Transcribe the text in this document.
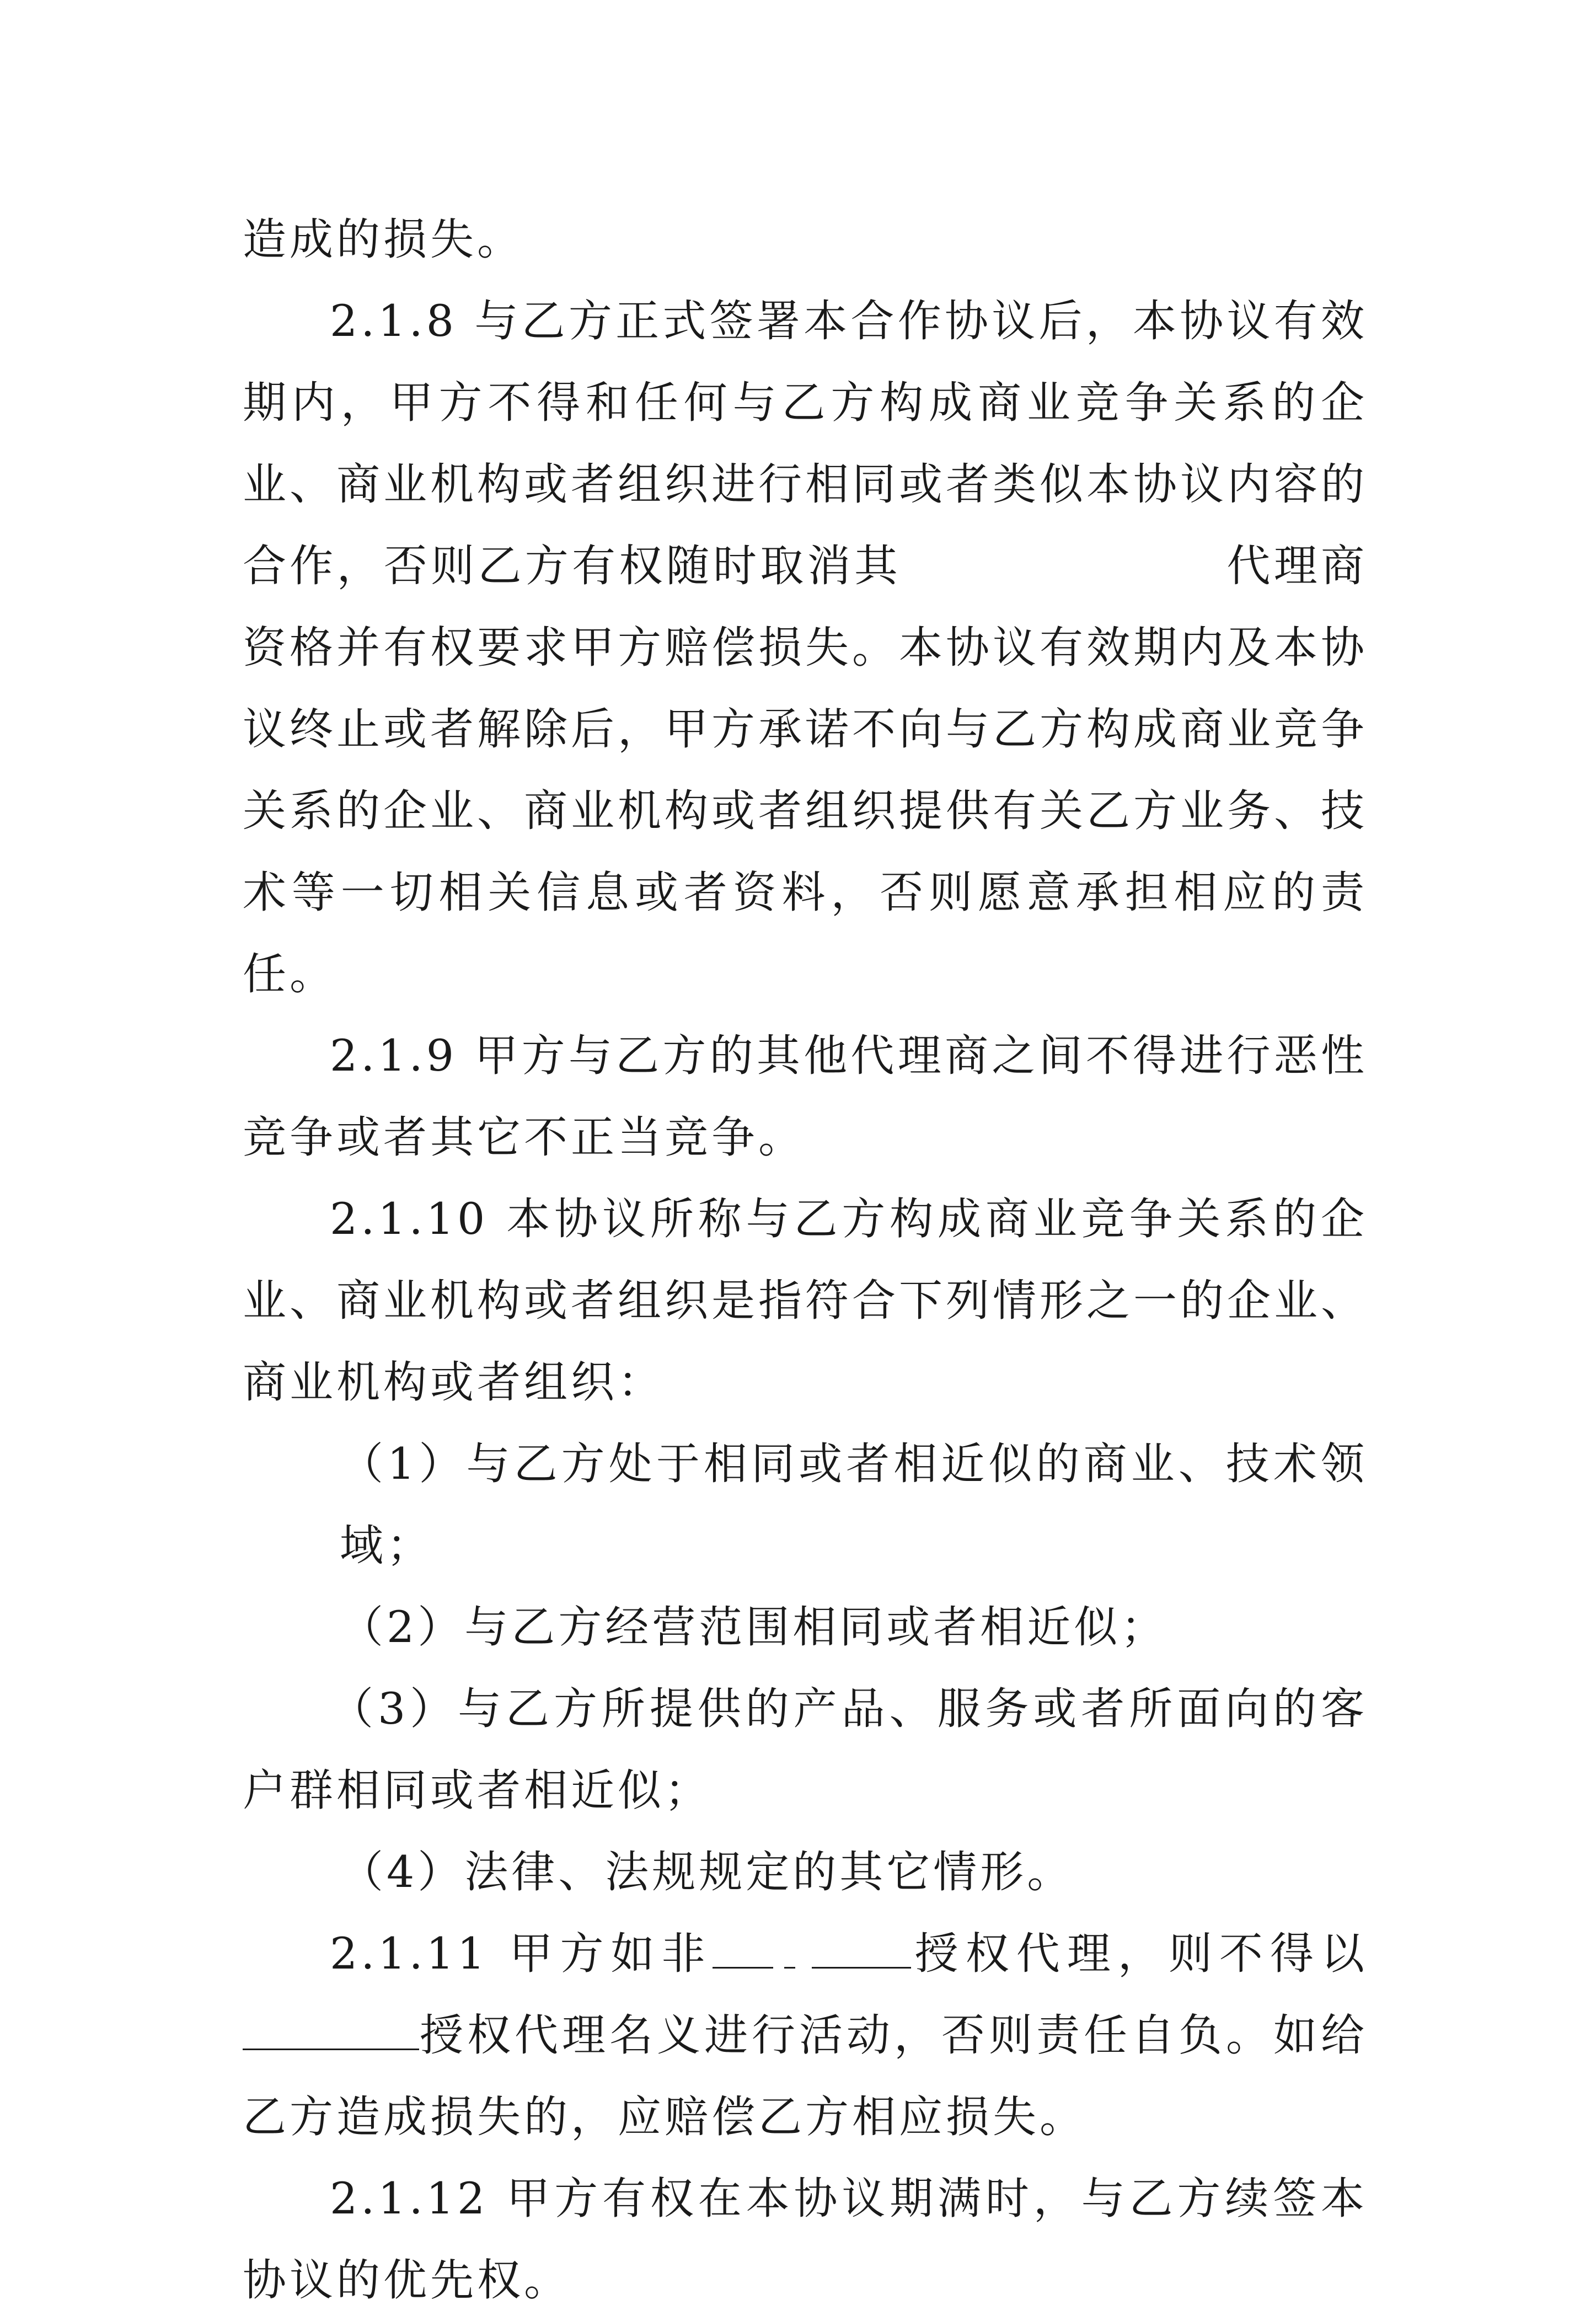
造成的损失。

2.1.8 与乙方正式签署本合作协议后，本协议有效期内，甲方不得和任何与乙方构成商业竞争关系的企业、商业机构或者组织进行相同或者类似本协议内容的合作，否则乙方有权随时取消其	代理商资格并有权要求甲方赔偿损失。本协议有效期内及本协议终止或者解除后，甲方承诺不向与乙方构成商业竞争关系的企业、商业机构或者组织提供有关乙方业务、技术等一切相关信息或者资料，否则愿意承担相应的责任。

2.1.9 甲方与乙方的其他代理商之间不得进行恶性竞争或者其它不正当竞争。

2.1.10 本协议所称与乙方构成商业竞争关系的企业、商业机构或者组织是指符合下列情形之一的企业、商业机构或者组织：

（1）与乙方处于相同或者相近似的商业、技术领域；

（2）与乙方经营范围相同或者相近似；

（3）与乙方所提供的产品、服务或者所面向的客户群相同或者相近似；

（4）法律、法规规定的其它情形。

2.1.11 甲方如非	授权代理，则不得以授权代理名义进行活动，否则责任自负。如给乙方造成损失的，应赔偿乙方相应损失。

2.1.12 甲方有权在本协议期满时，与乙方续签本协议的优先权。
